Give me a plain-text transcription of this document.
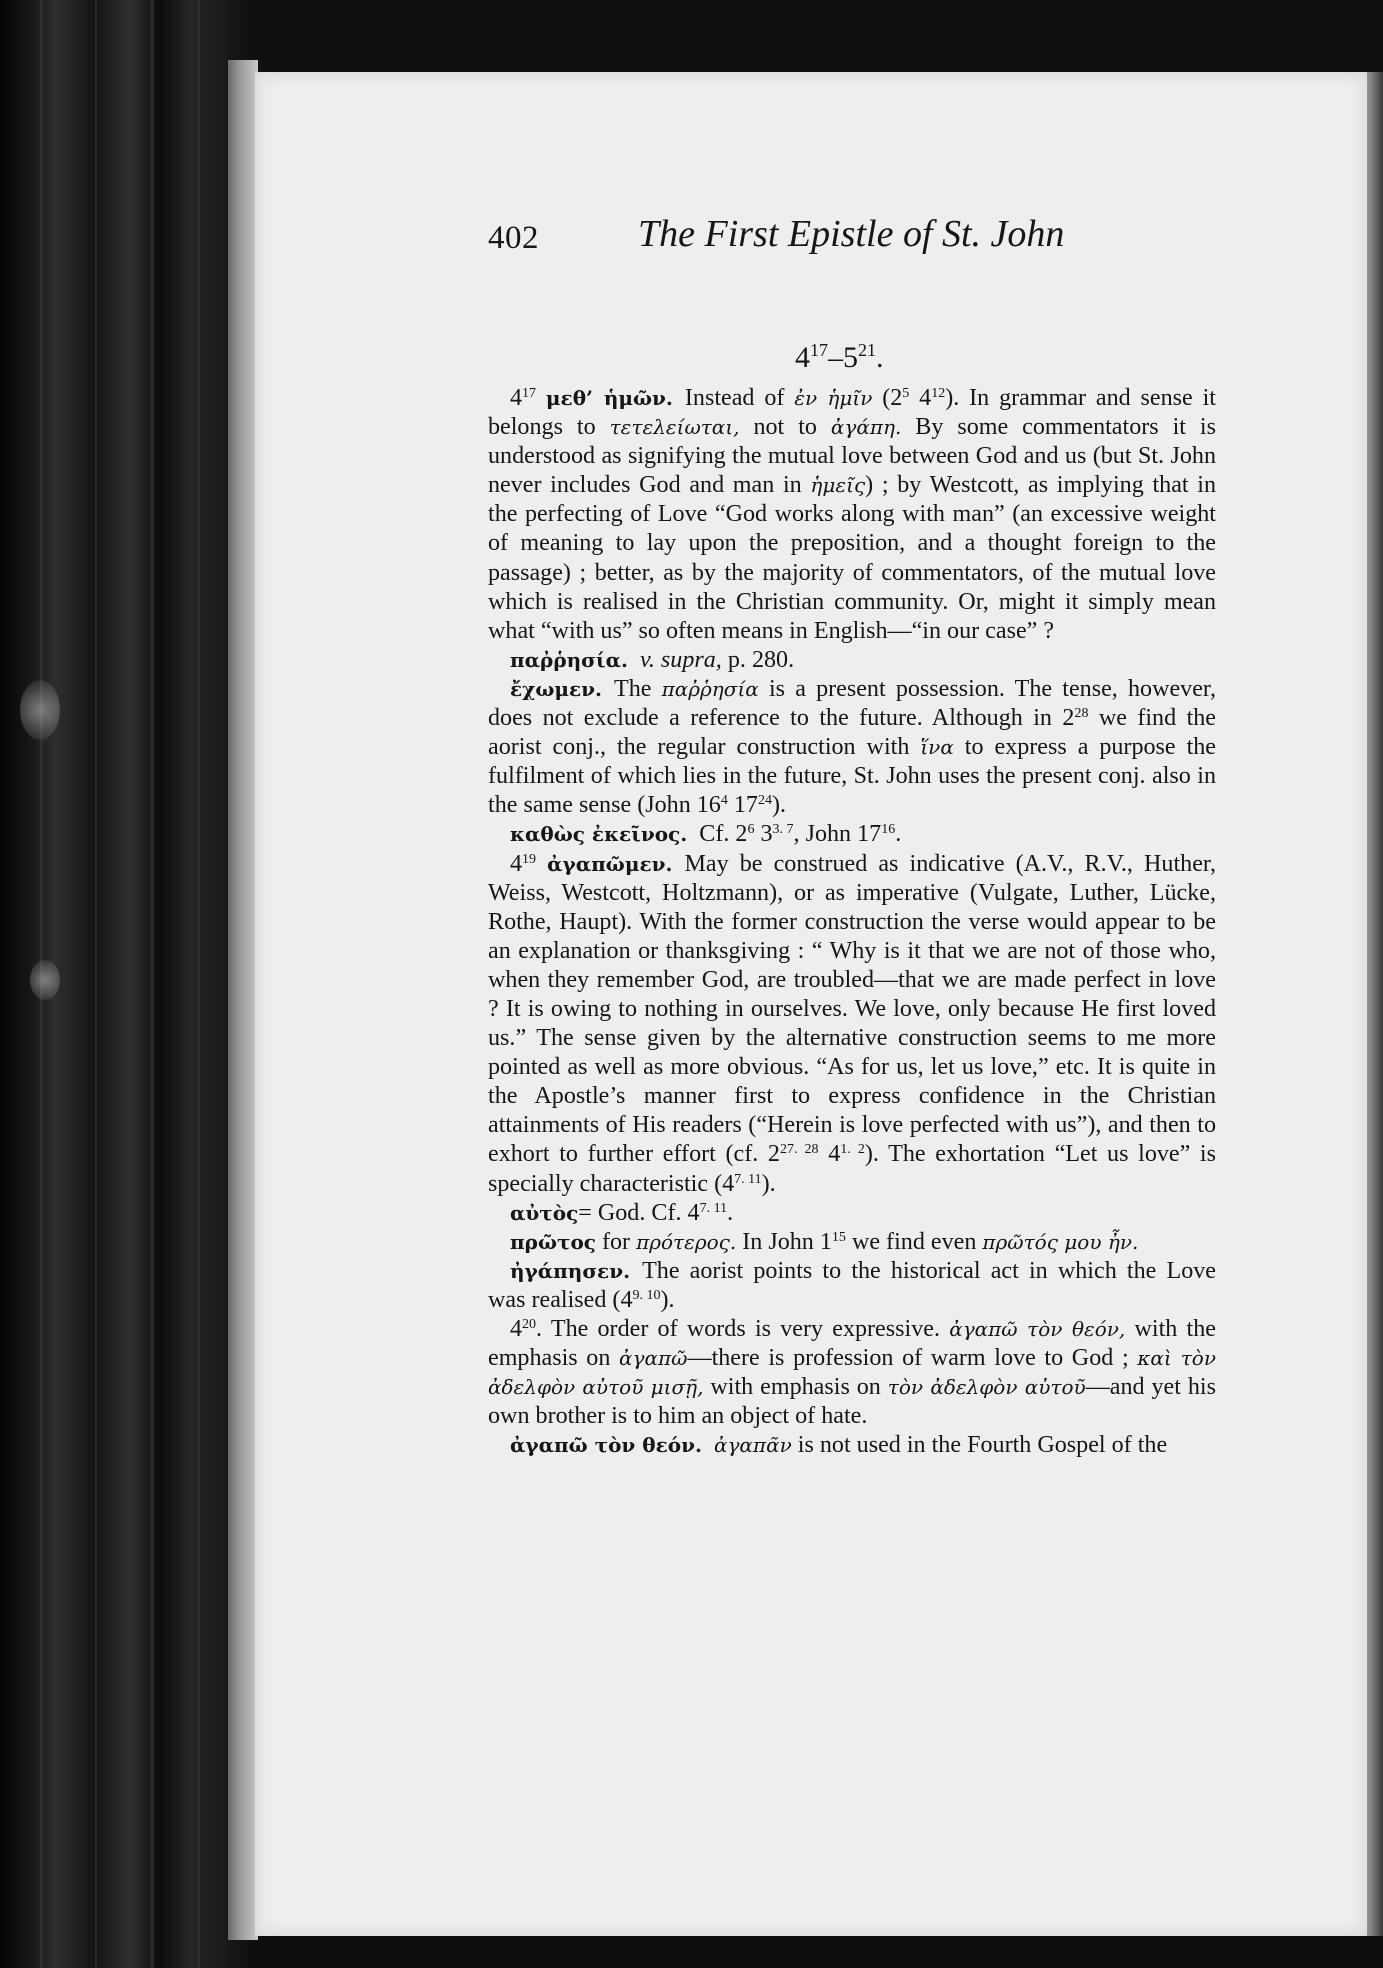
402	The First Epistle of St. John
$4^{17}-5^{21}$.

$4^{17}$ μεθ’ ἡμῶν. Instead of ἐν ἡμῖν ($2^5$ $4^{12}$). In grammar and sense it belongs to τετελείωται, not to ἀγάπη. By some commentators it is understood as signifying the mutual love between God and us (but St. John never includes God and man in ἡμεῖς) ; by Westcott, as implying that in the perfecting of Love “God works along with man” (an excessive weight of meaning to lay upon the preposition, and a thought foreign to the passage) ; better, as by the majority of commentators, of the mutual love which is realised in the Christian community. Or, might it simply mean what “with us” so often means in English—“in our case” ?

παῤῥησία. v. supra, p. 280.

ἔχωμεν. The παῤῥησία is a present possession. The tense, however, does not exclude a reference to the future. Although in $2^{28}$ we find the aorist conj., the regular construction with ἵνα to express a purpose the fulfilment of which lies in the future, St. John uses the present conj. also in the same sense (John $16^4$ $17^{24}$).

καθὼς ἐκεῖνος. Cf. $2^6$ $3^{3. 7}$, John $17^{16}$.

$4^{19}$ ἀγαπῶμεν. May be construed as indicative (A.V., R.V., Huther, Weiss, Westcott, Holtzmann), or as imperative (Vulgate, Luther, Lücke, Rothe, Haupt). With the former construction the verse would appear to be an explanation or thanksgiving : “ Why is it that we are not of those who, when they remember God, are troubled—that we are made perfect in love ? It is owing to nothing in ourselves. We love, only because He first loved us.” The sense given by the alternative construction seems to me more pointed as well as more obvious. “As for us, let us love,” etc. It is quite in the Apostle’s manner first to express confidence in the Christian attainments of His readers (“Herein is love perfected with us”), and then to exhort to further effort (cf. $2^{27. 28}$ $4^{1. 2}$). The exhortation “Let us love” is specially characteristic $(4^{7. 11})$.

αὐτὸς= God. Cf. $4^{7. 11}$.

πρῶτος for πρότερος. In John $1^{15}$ we find even πρῶτός μου ἦν.

ἠγάπησεν. The aorist points to the historical act in which the Love was realised $(4^{9. 10})$.

$4^{20}$. The order of words is very expressive. ἀγαπῶ τὸν θεόν, with the emphasis on ἀγαπῶ—there is profession of warm love to God ; καὶ τὸν ἀδελφὸν αὐτοῦ μισῇ, with emphasis on τὸν ἀδελφὸν αὐτοῦ—and yet his own brother is to him an object of hate.

ἀγαπῶ τὸν θεόν. ἀγαπᾶν is not used in the Fourth Gospel of the
